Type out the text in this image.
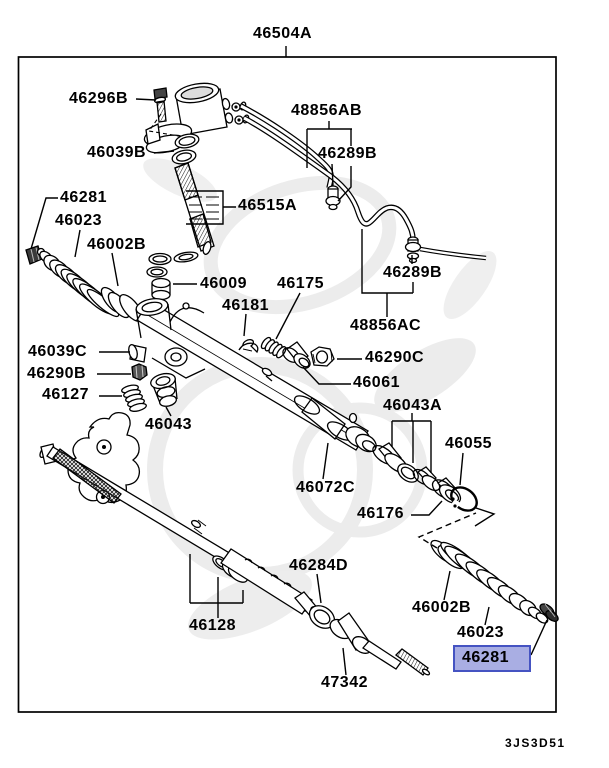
46504A
46296B
48856AB
46289B
46039B
46281	46515A
46023
46002B
46009 46175
46289B
46181
48856AC
46039C	46290C
46290B
46061
46127
46043A
46043
46055
46072C
46176
46284D
46002B
46128	46023
46281
47342
3JS3D51
